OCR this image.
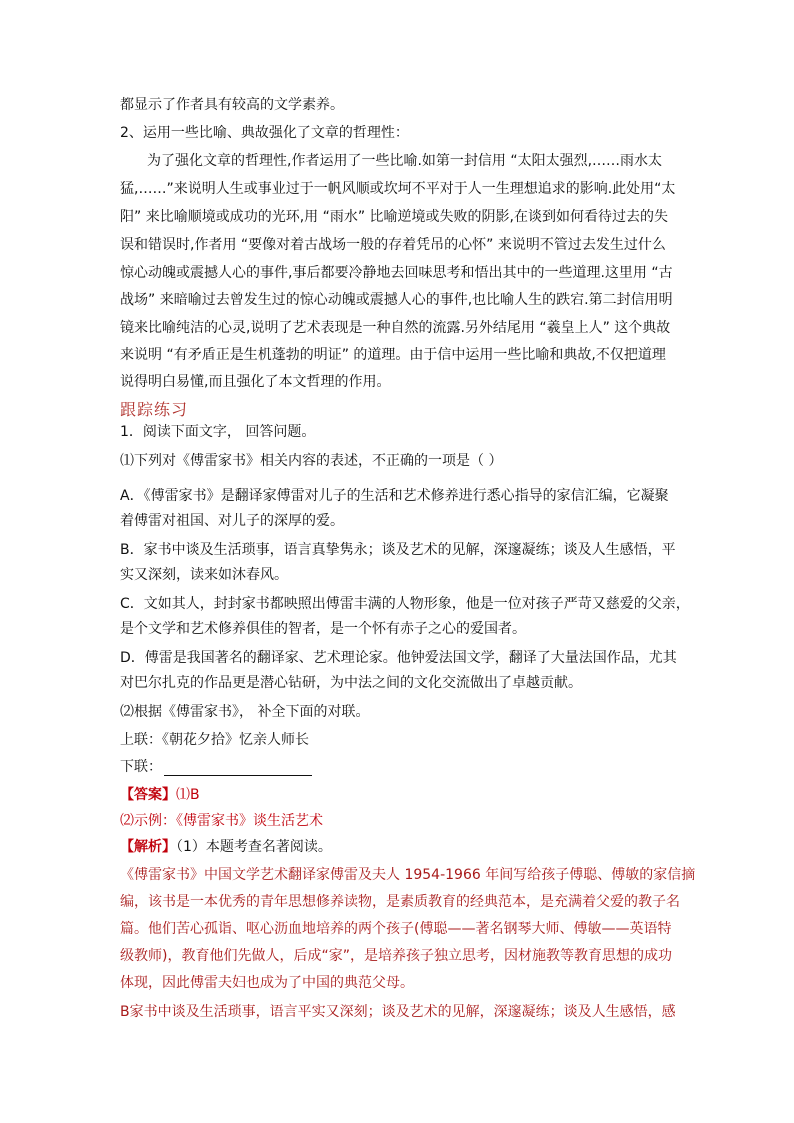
都显示了作者具有较高的文学素养。
2、运用一些比喻、典故强化了文章的哲理性：
为了强化文章的哲理性,作者运用了一些比喻.如第一封信用 “太阳太强烈,……雨水太
猛,……”来说明人生或事业过于一帆风顺或坎坷不平对于人一生理想追求的影响.此处用“太
阳” 来比喻顺境或成功的光环,用 “雨水” 比喻逆境或失败的阴影,在谈到如何看待过去的失
误和错误时,作者用 “要像对着古战场一般的存着凭吊的心怀” 来说明不管过去发生过什么
惊心动魄或震撼人心的事件,事后都要冷静地去回味思考和悟出其中的一些道理.这里用 “古
战场” 来暗喻过去曾发生过的惊心动魄或震撼人心的事件,也比喻人生的跌宕.第二封信用明
镜来比喻纯洁的心灵,说明了艺术表现是一种自然的流露.另外结尾用 “羲皇上人” 这个典故
来说明 “有矛盾正是生机蓬勃的明证” 的道理。由于信中运用一些比喻和典故,不仅把道理
说得明白易懂,而且强化了本文哲理的作用。
跟踪练习
1．阅读下面文字， 回答问题。
⑴下列对《傅雷家书》相关内容的表述，不正确的一项是（ ）
A．《傅雷家书》是翻译家傅雷对儿子的生活和艺术修养进行悉心指导的家信汇编，它凝聚
着傅雷对祖国、对儿子的深厚的爱。
B．家书中谈及生活琐事，语言真挚隽永；谈及艺术的见解，深邃凝练；谈及人生感悟，平
实又深刻，读来如沐春风。
C．文如其人，封封家书都映照出傅雷丰满的人物形象，他是一位对孩子严苛又慈爱的父亲，
是个文学和艺术修养俱佳的智者，是一个怀有赤子之心的爱国者。
D．傅雷是我国著名的翻译家、艺术理论家。他钟爱法国文学，翻译了大量法国作品，尤其
对巴尔扎克的作品更是潜心钻研，为中法之间的文化交流做出了卓越贡献。
⑵根据《傅雷家书》， 补全下面的对联。
上联：《朝花夕拾》忆亲人师长
下联：
【答案】⑴B
⑵示例：《傅雷家书》谈生活艺术
【解析】（1）本题考查名著阅读。
《傅雷家书》中国文学艺术翻译家傅雷及夫人 1954-1966 年间写给孩子傅聪、傅敏的家信摘
编，该书是一本优秀的青年思想修养读物，是素质教育的经典范本，是充满着父爱的教子名
篇。他们苦心孤诣、呕心沥血地培养的两个孩子(傅聪——著名钢琴大师、傅敏——英语特
级教师)，教育他们先做人，后成“家”，是培养孩子独立思考，因材施教等教育思想的成功
体现，因此傅雷夫妇也成为了中国的典范父母。
B家书中谈及生活琐事，语言平实又深刻；谈及艺术的见解，深邃凝练；谈及人生感悟，感
